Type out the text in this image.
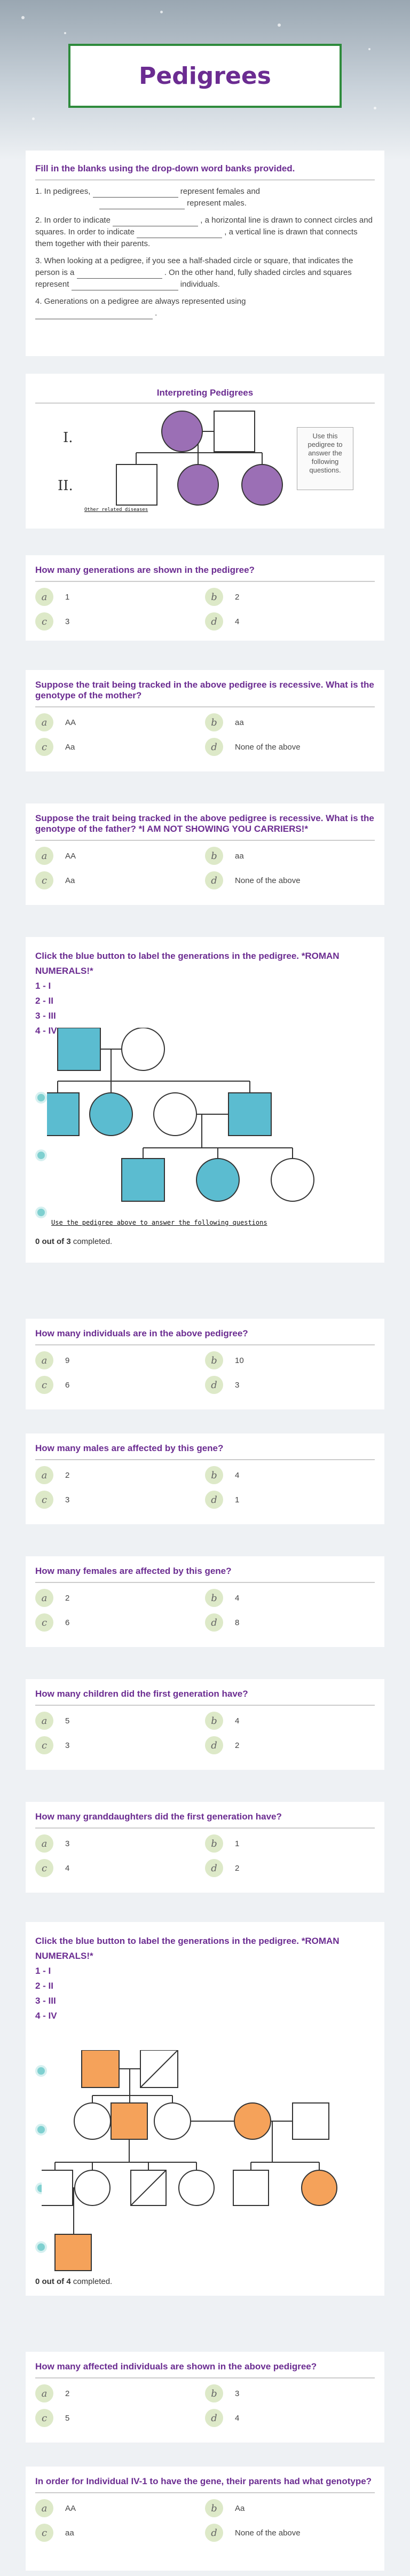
Pedigrees
Fill in the blanks using the drop-down word banks provided.

1. In pedigrees,	represent females and
represent males.

2. In order to indicate	, a horizontal line is drawn to connect circles and squares. In order to indicate	, a vertical line is drawn that connects them together with their parents.

3. When looking at a pedigree, if you see a half-shaded circle or square, that indicates the person is a	. On the other hand, fully shaded circles and squares represent	individuals.

4. Generations on a pedigree are always represented using
.

Interpreting Pedigrees
I.
II.
Other related diseases
Use this pedigree to answer the following questions.
How many generations are shown in the pedigree?
a	1	b	2
c	3	d	4
Suppose the trait being tracked in the above pedigree is recessive. What is the genotype of the mother?
a	AA	b	aa
c	Aa	d	None of the above
Suppose the trait being tracked in the above pedigree is recessive. What is the genotype of the father? *I AM NOT SHOWING YOU CARRIERS!*
a	AA	b	aa
c	Aa	d	None of the above
Click the blue button to label the generations in the pedigree. *ROMAN NUMERALS!*
1 - I
2 - II
3 - III
4 - IV
Use the pedigree above to answer the following questions
0 out of 3 completed.
How many individuals are in the above pedigree?
a	9	b	10
c	6	d	3
How many males are affected by this gene?
a	2	b	4
c	3	d	1
How many females are affected by this gene?
a	2	b	4
c	6	d	8
How many children did the first generation have?
a	5	b	4
c	3	d	2
How many granddaughters did the first generation have?
a	3	b	1
c	4	d	2
Click the blue button to label the generations in the pedigree. *ROMAN NUMERALS!*
1 - I
2 - II
3 - III
4 - IV
0 out of 4 completed.
How many affected individuals are shown in the above pedigree?
a	2	b	3
c	5	d	4
In order for Individual IV-1 to have the gene, their parents had what genotype?
a	AA	b	Aa
c	aa	d	None of the above
